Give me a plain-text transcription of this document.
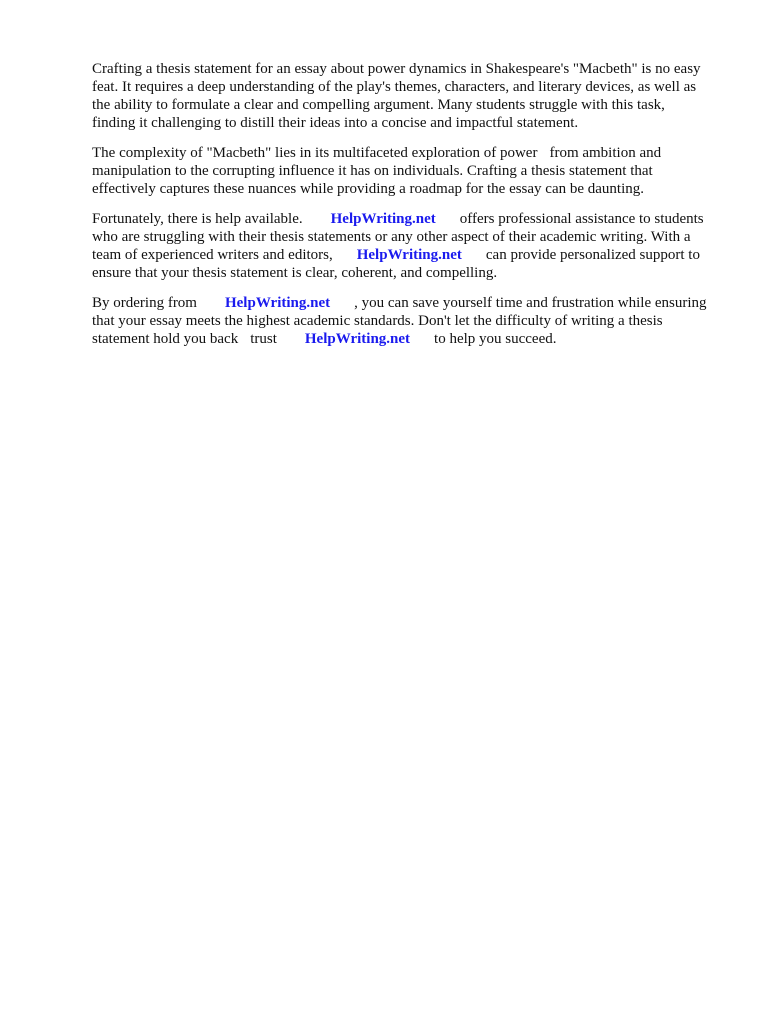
Crafting a thesis statement for an essay about power dynamics in Shakespeare's "Macbeth" is no easy
feat. It requires a deep understanding of the play's themes, characters, and literary devices, as well as
the ability to formulate a clear and compelling argument. Many students struggle with this task,
finding it challenging to distill their ideas into a concise and impactful statement.

The complexity of "Macbeth" lies in its multifaceted exploration of power from ambition and
manipulation to the corrupting influence it has on individuals. Crafting a thesis statement that
effectively captures these nuances while providing a roadmap for the essay can be daunting.

Fortunately, there is help available. HelpWriting.net offers professional assistance to students
who are struggling with their thesis statements or any other aspect of their academic writing. With a
team of experienced writers and editors, HelpWriting.net can provide personalized support to
ensure that your thesis statement is clear, coherent, and compelling.

By ordering from HelpWriting.net , you can save yourself time and frustration while ensuring
that your essay meets the highest academic standards. Don't let the difficulty of writing a thesis
statement hold you back trust HelpWriting.net to help you succeed.
